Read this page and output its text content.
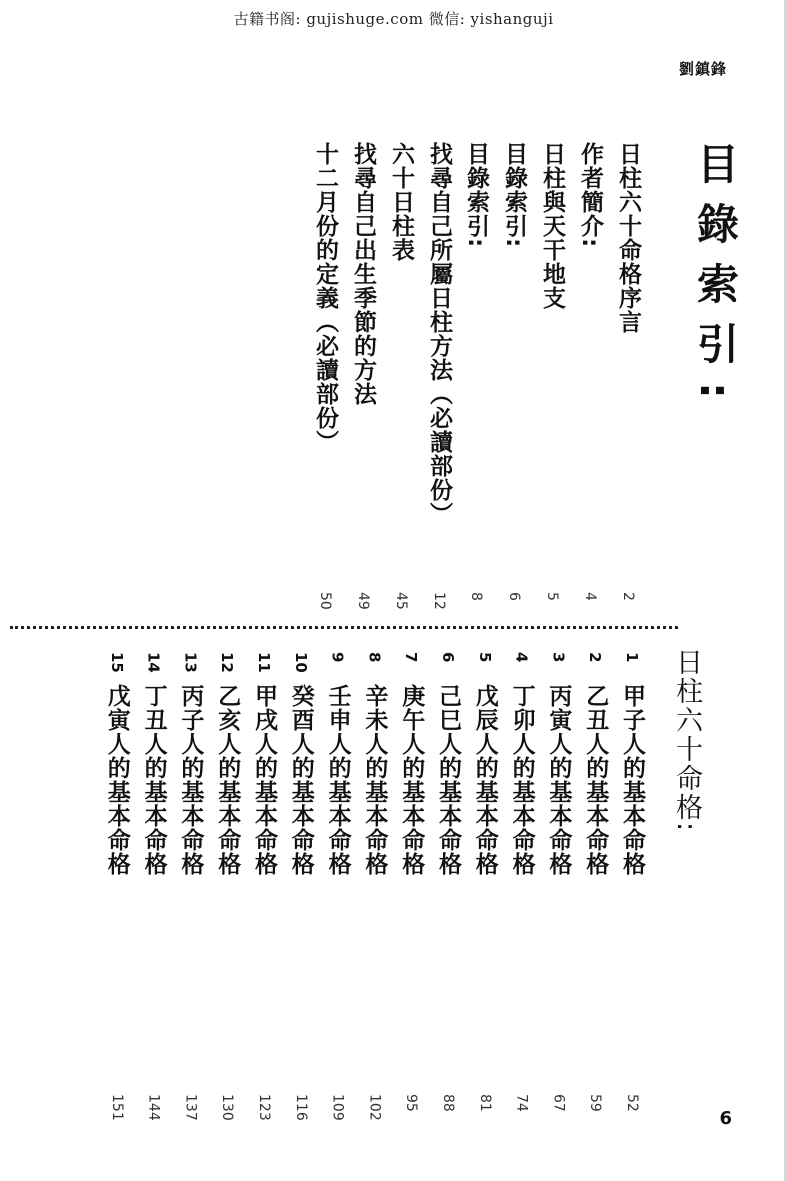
古籍书阁: gujishuge.com 微信: yishanguji
劉鎮鋒
目錄索引:
日柱六十命格序言
2
作者簡介:
4
日柱與天干地支
5
目錄索引:
6
目錄索引:
8
找尋自己所屬日柱方法（必讀部份）
12
六十日柱表
45
找尋自己出生季節的方法
49
十二月份的定義（必讀部份）
50
日柱六十命格:
1
甲子人的基本命格
52
2
乙丑人的基本命格
59
3
丙寅人的基本命格
67
4
丁卯人的基本命格
74
5
戊辰人的基本命格
81
6
己巳人的基本命格
88
7
庚午人的基本命格
95
8
辛未人的基本命格
102
9
壬申人的基本命格
109
10
癸酉人的基本命格
116
11
甲戌人的基本命格
123
12
乙亥人的基本命格
130
13
丙子人的基本命格
137
14
丁丑人的基本命格
144
15
戊寅人的基本命格
151	6
